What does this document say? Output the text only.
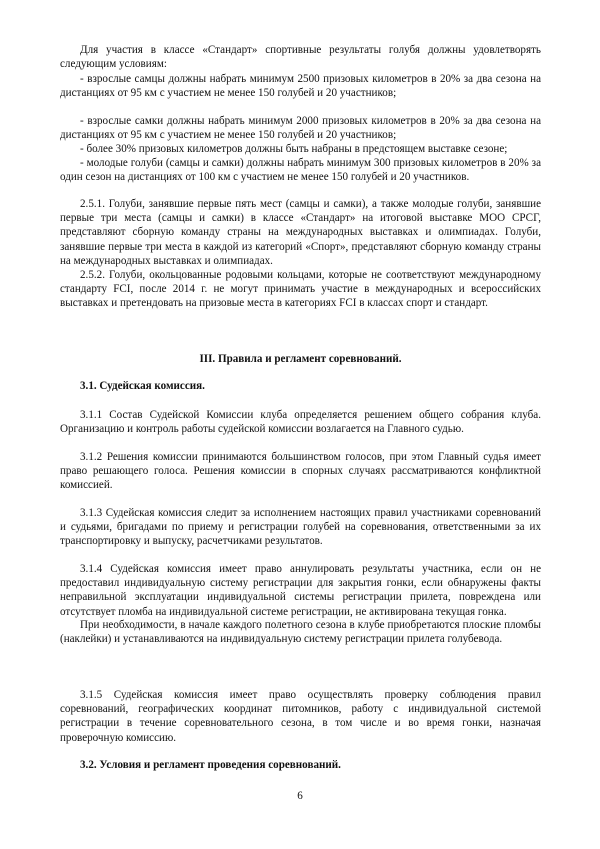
Для участия в классе «Стандарт» спортивные результаты голубя должны удовлетворять следующим условиям:

- взрослые самцы должны набрать минимум 2500 призовых километров в 20% за два сезона на дистанциях от 95 км с участием не менее 150 голубей и 20 участников;

- взрослые самки должны набрать минимум 2000 призовых километров в 20% за два сезона на дистанциях от 95 км с участием не менее 150 голубей и 20 участников;

- более 30% призовых километров должны быть набраны в предстоящем выставке сезоне;

- молодые голуби (самцы и самки) должны набрать минимум 300 призовых километров в 20% за один сезон на дистанциях от 100 км с участием не менее 150 голубей и 20 участников.

2.5.1. Голуби, занявшие первые пять мест (самцы и самки), а также молодые голуби, занявшие первые три места (самцы и самки) в классе «Стандарт» на итоговой выставке МОО СРСГ, представляют сборную команду страны на международных выставках и олимпиадах. Голуби, занявшие первые три места в каждой из категорий «Спорт», представляют сборную команду страны на международных выставках и олимпиадах.

2.5.2. Голуби, окольцованные родовыми кольцами, которые не соответствуют международному стандарту FCI, после 2014 г. не могут принимать участие в международных и всероссийских выставках и претендовать на призовые места в категориях FCI в классах спорт и стандарт.

III. Правила и регламент соревнований.

3.1. Судейская комиссия.

3.1.1 Состав Судейской Комиссии клуба определяется решением общего собрания клуба. Организацию и контроль работы судейской комиссии возлагается на Главного судью.

3.1.2 Решения комиссии принимаются большинством голосов, при этом Главный судья имеет право решающего голоса. Решения комиссии в спорных случаях рассматриваются конфликтной комиссией.

3.1.3 Судейская комиссия следит за исполнением настоящих правил участниками соревнований и судьями, бригадами по приему и регистрации голубей на соревнования, ответственными за их транспортировку и выпуску, расчетчиками результатов.

3.1.4 Судейская комиссия имеет право аннулировать результаты участника, если он не предоставил индивидуальную систему регистрации для закрытия гонки, если обнаружены факты неправильной эксплуатации индивидуальной системы регистрации прилета, повреждена или отсутствует пломба на индивидуальной системе регистрации, не активирована текущая гонка.

При необходимости, в начале каждого полетного сезона в клубе приобретаются плоские пломбы (наклейки) и устанавливаются на индивидуальную систему регистрации прилета голубевода.

3.1.5 Судейская комиссия имеет право осуществлять проверку соблюдения правил соревнований, географических координат питомников, работу с индивидуальной системой регистрации в течение соревновательного сезона, в том числе и во время гонки, назначая проверочную комиссию.

3.2. Условия и регламент проведения соревнований.

6
